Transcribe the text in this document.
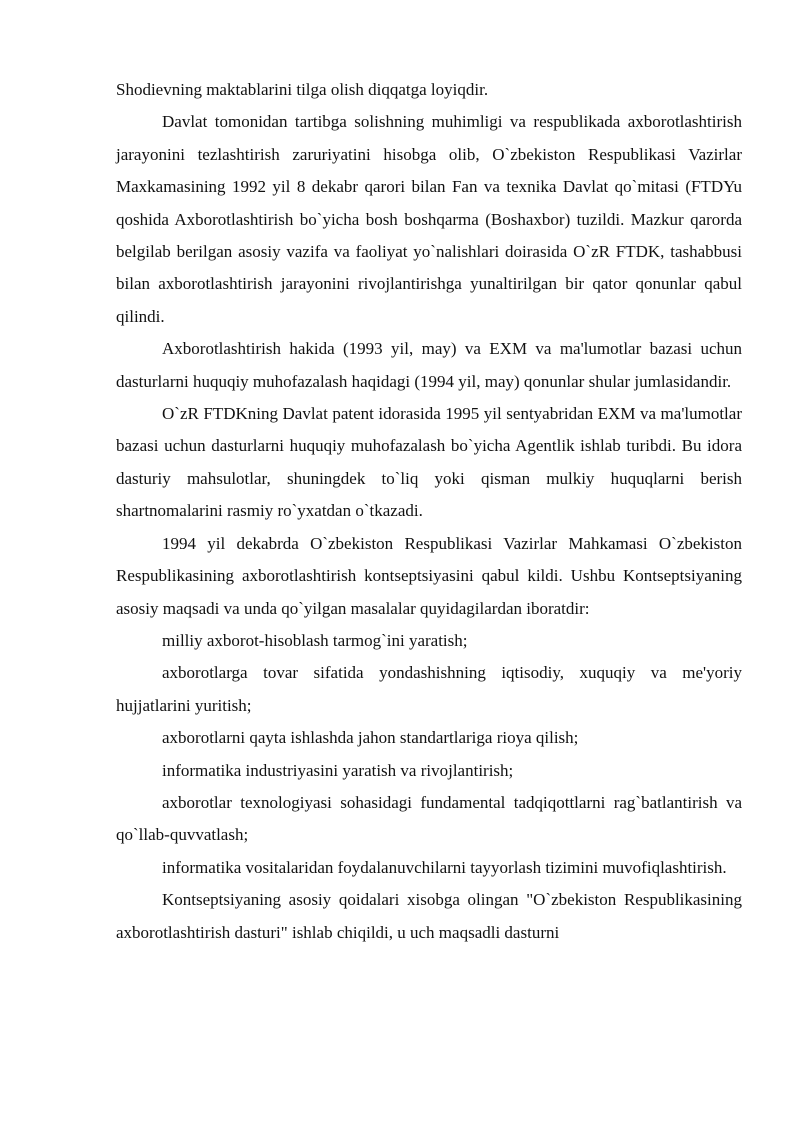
Shodievning maktablarini tilga olish diqqatga loyiqdir.

Davlat tomonidan tartibga solishning muhimligi va respublikada axborotlashtirish jarayonini tezlashtirish zaruriyatini hisobga olib, O`zbekiston Respublikasi Vazirlar Maxkamasining 1992 yil 8 dekabr qarori bilan Fan va texnika Davlat qo`mitasi (FTDYu qoshida Axborotlashtirish bo`yicha bosh boshqarma (Boshaxbor) tuzildi. Mazkur qarorda belgilab berilgan asosiy vazifa va faoliyat yo`nalishlari doirasida O`zR FTDK, tashabbusi bilan axborotlashtirish jarayonini rivojlantirishga yunaltirilgan bir qator qonunlar qabul qilindi.

Axborotlashtirish hakida (1993 yil, may) va EXM va ma'lumotlar bazasi uchun dasturlarni huquqiy muhofazalash haqidagi (1994 yil, may) qonunlar shular jumlasidandir.

O`zR FTDKning Davlat patent idorasida 1995 yil sentyabridan EXM va ma'lumotlar bazasi uchun dasturlarni huquqiy muhofazalash bo`yicha Agentlik ishlab turibdi. Bu idora dasturiy mahsulotlar, shuningdek to`liq yoki qisman mulkiy huquqlarni berish shartnomalarini rasmiy ro`yxatdan o`tkazadi.

1994 yil dekabrda O`zbekiston Respublikasi Vazirlar Mahkamasi O`zbekiston Respublikasining axborotlashtirish kontseptsiyasini qabul kildi. Ushbu Kontseptsiyaning asosiy maqsadi va unda qo`yilgan masalalar quyidagilardan iboratdir:

milliy axborot-hisoblash tarmog`ini yaratish;

axborotlarga tovar sifatida yondashishning iqtisodiy, xuquqiy va me'yoriy hujjatlarini yuritish;

axborotlarni qayta ishlashda jahon standartlariga rioya qilish;

informatika industriyasini yaratish va rivojlantirish;

axborotlar texnologiyasi sohasidagi fundamental tadqiqottlarni rag`batlantirish va qo`llab-quvvatlash;

informatika vositalaridan foydalanuvchilarni tayyorlash tizimini muvofiqlashtirish.

Kontseptsiyaning asosiy qoidalari xisobga olingan "O`zbekiston Respublikasining axborotlashtirish dasturi" ishlab chiqildi, u uch maqsadli dasturni
